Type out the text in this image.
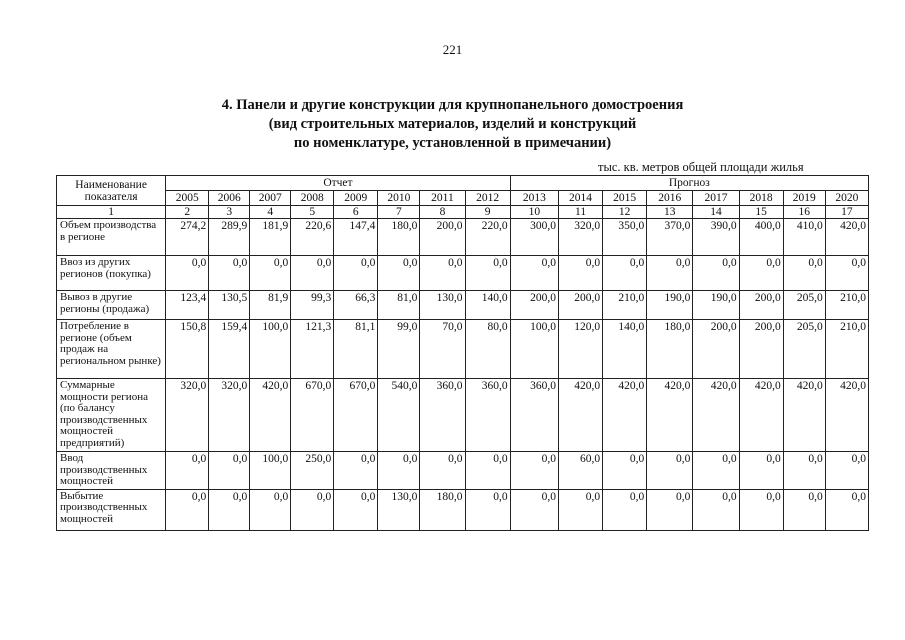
221
4. Панели и другие конструкции для крупнопанельного домостроения
(вид строительных материалов, изделий и конструкций
по номенклатуре, установленной в примечании)
тыс. кв. метров общей площади жилья
Наименование показателя	Отчет								Прогноз							
	2005	2006	2007	2008	2009	2010	2011	2012	2013	2014	2015	2016	2017	2018	2019	2020
1	2	3	4	5	6	7	8	9	10	11	12	13	14	15	16	17
Объем производства в регионе	274,2	289,9	181,9	220,6	147,4	180,0	200,0	220,0	300,0	320,0	350,0	370,0	390,0	400,0	410,0	420,0
Ввоз из других регионов (покупка)	0,0	0,0	0,0	0,0	0,0	0,0	0,0	0,0	0,0	0,0	0,0	0,0	0,0	0,0	0,0	0,0
Вывоз в другие регионы (продажа)	123,4	130,5	81,9	99,3	66,3	81,0	130,0	140,0	200,0	200,0	210,0	190,0	190,0	200,0	205,0	210,0
Потребление в регионе (объем продаж на региональном рынке)	150,8	159,4	100,0	121,3	81,1	99,0	70,0	80,0	100,0	120,0	140,0	180,0	200,0	200,0	205,0	210,0
Суммарные мощности региона (по балансу производственных мощностей предприятий)	320,0	320,0	420,0	670,0	670,0	540,0	360,0	360,0	360,0	420,0	420,0	420,0	420,0	420,0	420,0	420,0
Ввод производственных мощностей	0,0	0,0	100,0	250,0	0,0	0,0	0,0	0,0	0,0	60,0	0,0	0,0	0,0	0,0	0,0	0,0
Выбытие производственных мощностей	0,0	0,0	0,0	0,0	0,0	130,0	180,0	0,0	0,0	0,0	0,0	0,0	0,0	0,0	0,0	0,0
